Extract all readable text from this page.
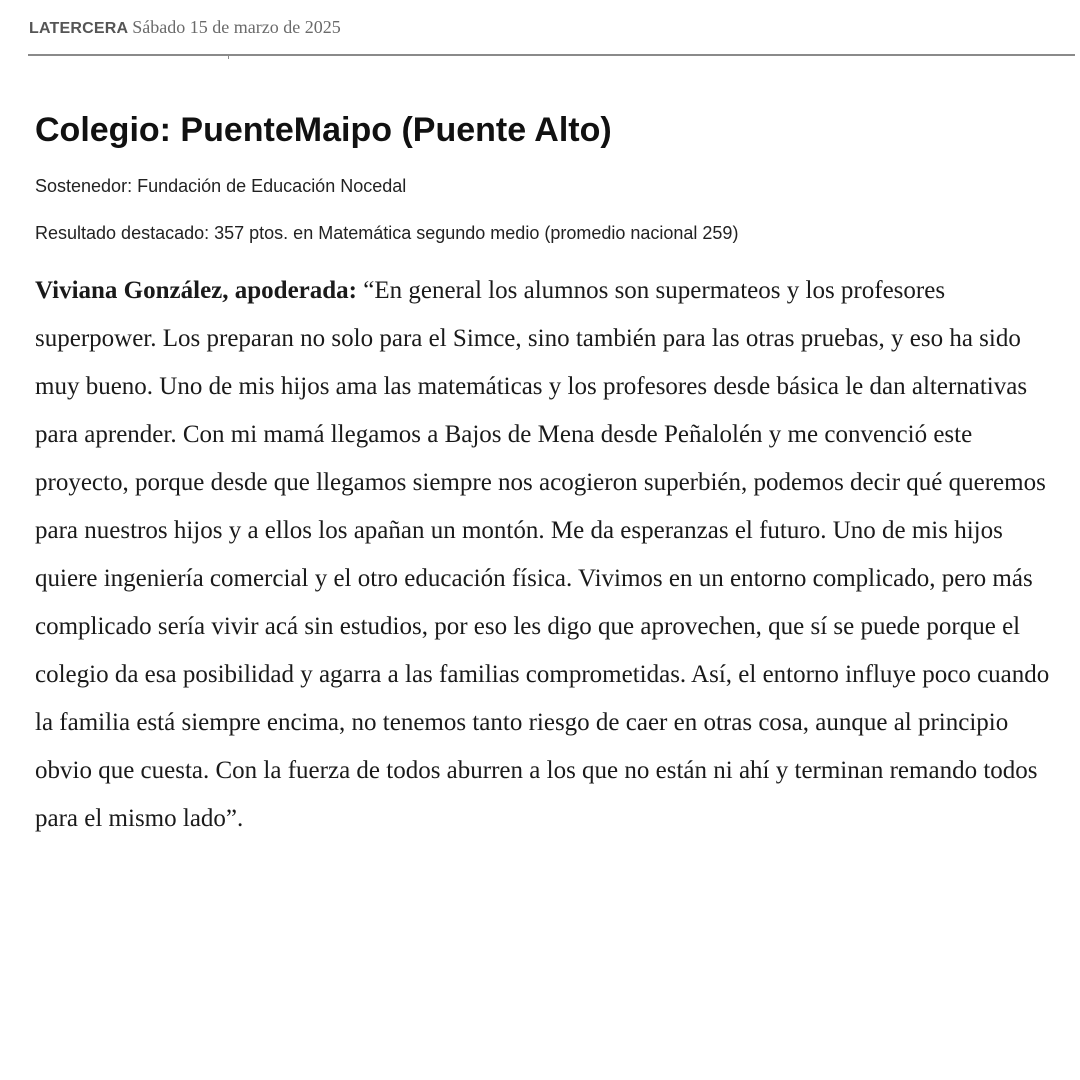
LATERCERA Sábado 15 de marzo de 2025
Colegio: PuenteMaipo (Puente Alto)

Sostenedor: Fundación de Educación Nocedal

Resultado destacado: 357 ptos. en Matemática segundo medio (promedio nacional 259)

Viviana González, apoderada: “En general los alumnos son supermateos y los profesores superpower. Los preparan no solo para el Simce, sino también para las otras pruebas, y eso ha sido muy bueno. Uno de mis hijos ama las matemáticas y los profesores desde básica le dan alternativas para aprender. Con mi mamá llegamos a Bajos de Mena desde Peñalolén y me convenció este proyecto, porque desde que llegamos siempre nos acogieron superbién, podemos decir qué queremos para nuestros hijos y a ellos los apañan un montón. Me da esperanzas el futuro. Uno de mis hijos quiere ingeniería comercial y el otro educación física. Vivimos en un entorno complicado, pero más complicado sería vivir acá sin estudios, por eso les digo que aprovechen, que sí se puede porque el colegio da esa posibilidad y agarra a las familias comprometidas. Así, el entorno influye poco cuando la familia está siempre encima, no tenemos tanto riesgo de caer en otras cosa, aunque al principio obvio que cuesta. Con la fuerza de todos aburren a los que no están ni ahí y terminan remando todos para el mismo lado”.
